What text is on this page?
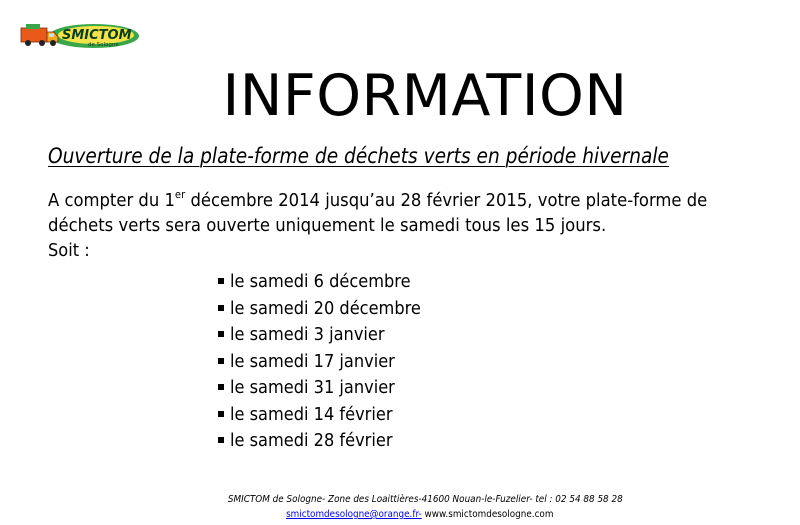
SMICTOM
de Sologne
INFORMATION
Ouverture de la plate-forme de déchets verts en période hivernale
A compter du 1er décembre 2014 jusqu’au 28 février 2015, votre plate-forme de
déchets verts sera ouverte uniquement le samedi tous les 15 jours.
Soit :
le samedi 6 décembre
le samedi 20 décembre
le samedi 3 janvier
le samedi 17 janvier
le samedi 31 janvier
le samedi 14 février
le samedi 28 février
SMICTOM de Sologne- Zone des Loaittières-41600 Nouan-le-Fuzelier- tel : 02 54 88 58 28
smictomdesologne@orange.fr- www.smictomdesologne.com
